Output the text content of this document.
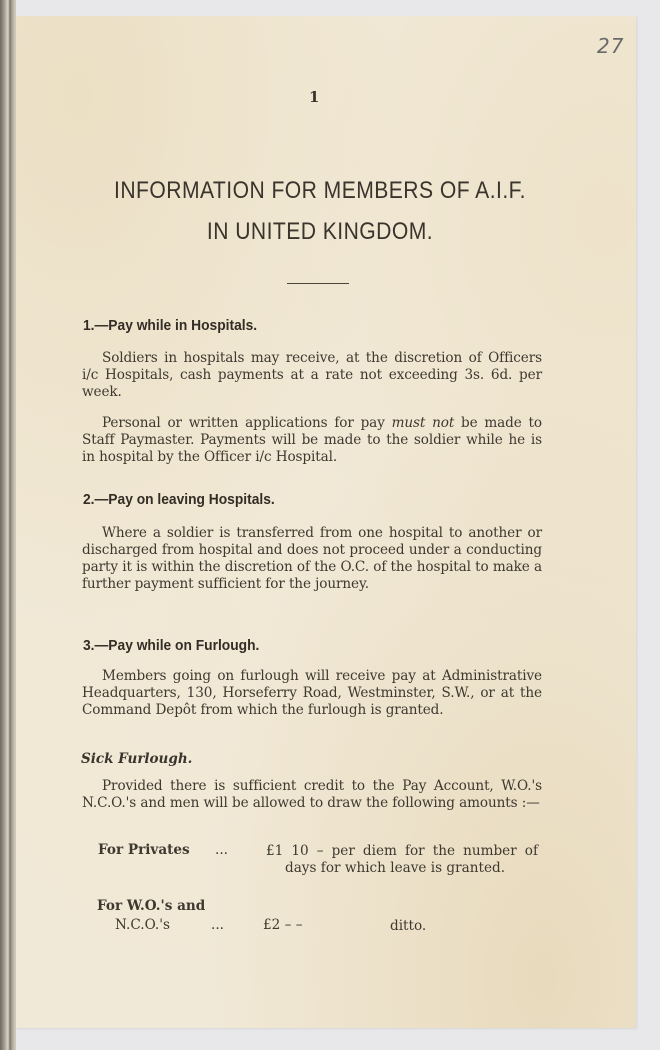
27
1
INFORMATION FOR MEMBERS OF A.I.F.
IN UNITED KINGDOM.
1.—Pay while in Hospitals.
Soldiers in hospitals may receive, at the discretion of Officers i/c Hospitals, cash payments at a rate not exceeding 3s. 6d. per week.
Personal or written applications for pay must not be made to Staff Paymaster. Payments will be made to the soldier while he is in hospital by the Officer i/c Hospital.
2.—Pay on leaving Hospitals.
Where a soldier is transferred from one hospital to another or discharged from hospital and does not proceed under a conducting party it is within the discretion of the O.C. of the hospital to make a further payment sufficient for the journey.
3.—Pay while on Furlough.
Members going on furlough will receive pay at Administrative Headquarters, 130, Horseferry Road, Westminster, S.W., or at the Command Depôt from which the furlough is granted.
Sick Furlough.
Provided there is sufficient credit to the Pay Account, W.O.'s N.C.O.'s and men will be allowed to draw the following amounts :—
For Privates ...	£1 10 – per diem for the number of days for which leave is granted.
For W.O.'s and
N.C.O.'s	...	£2 – –	ditto.
